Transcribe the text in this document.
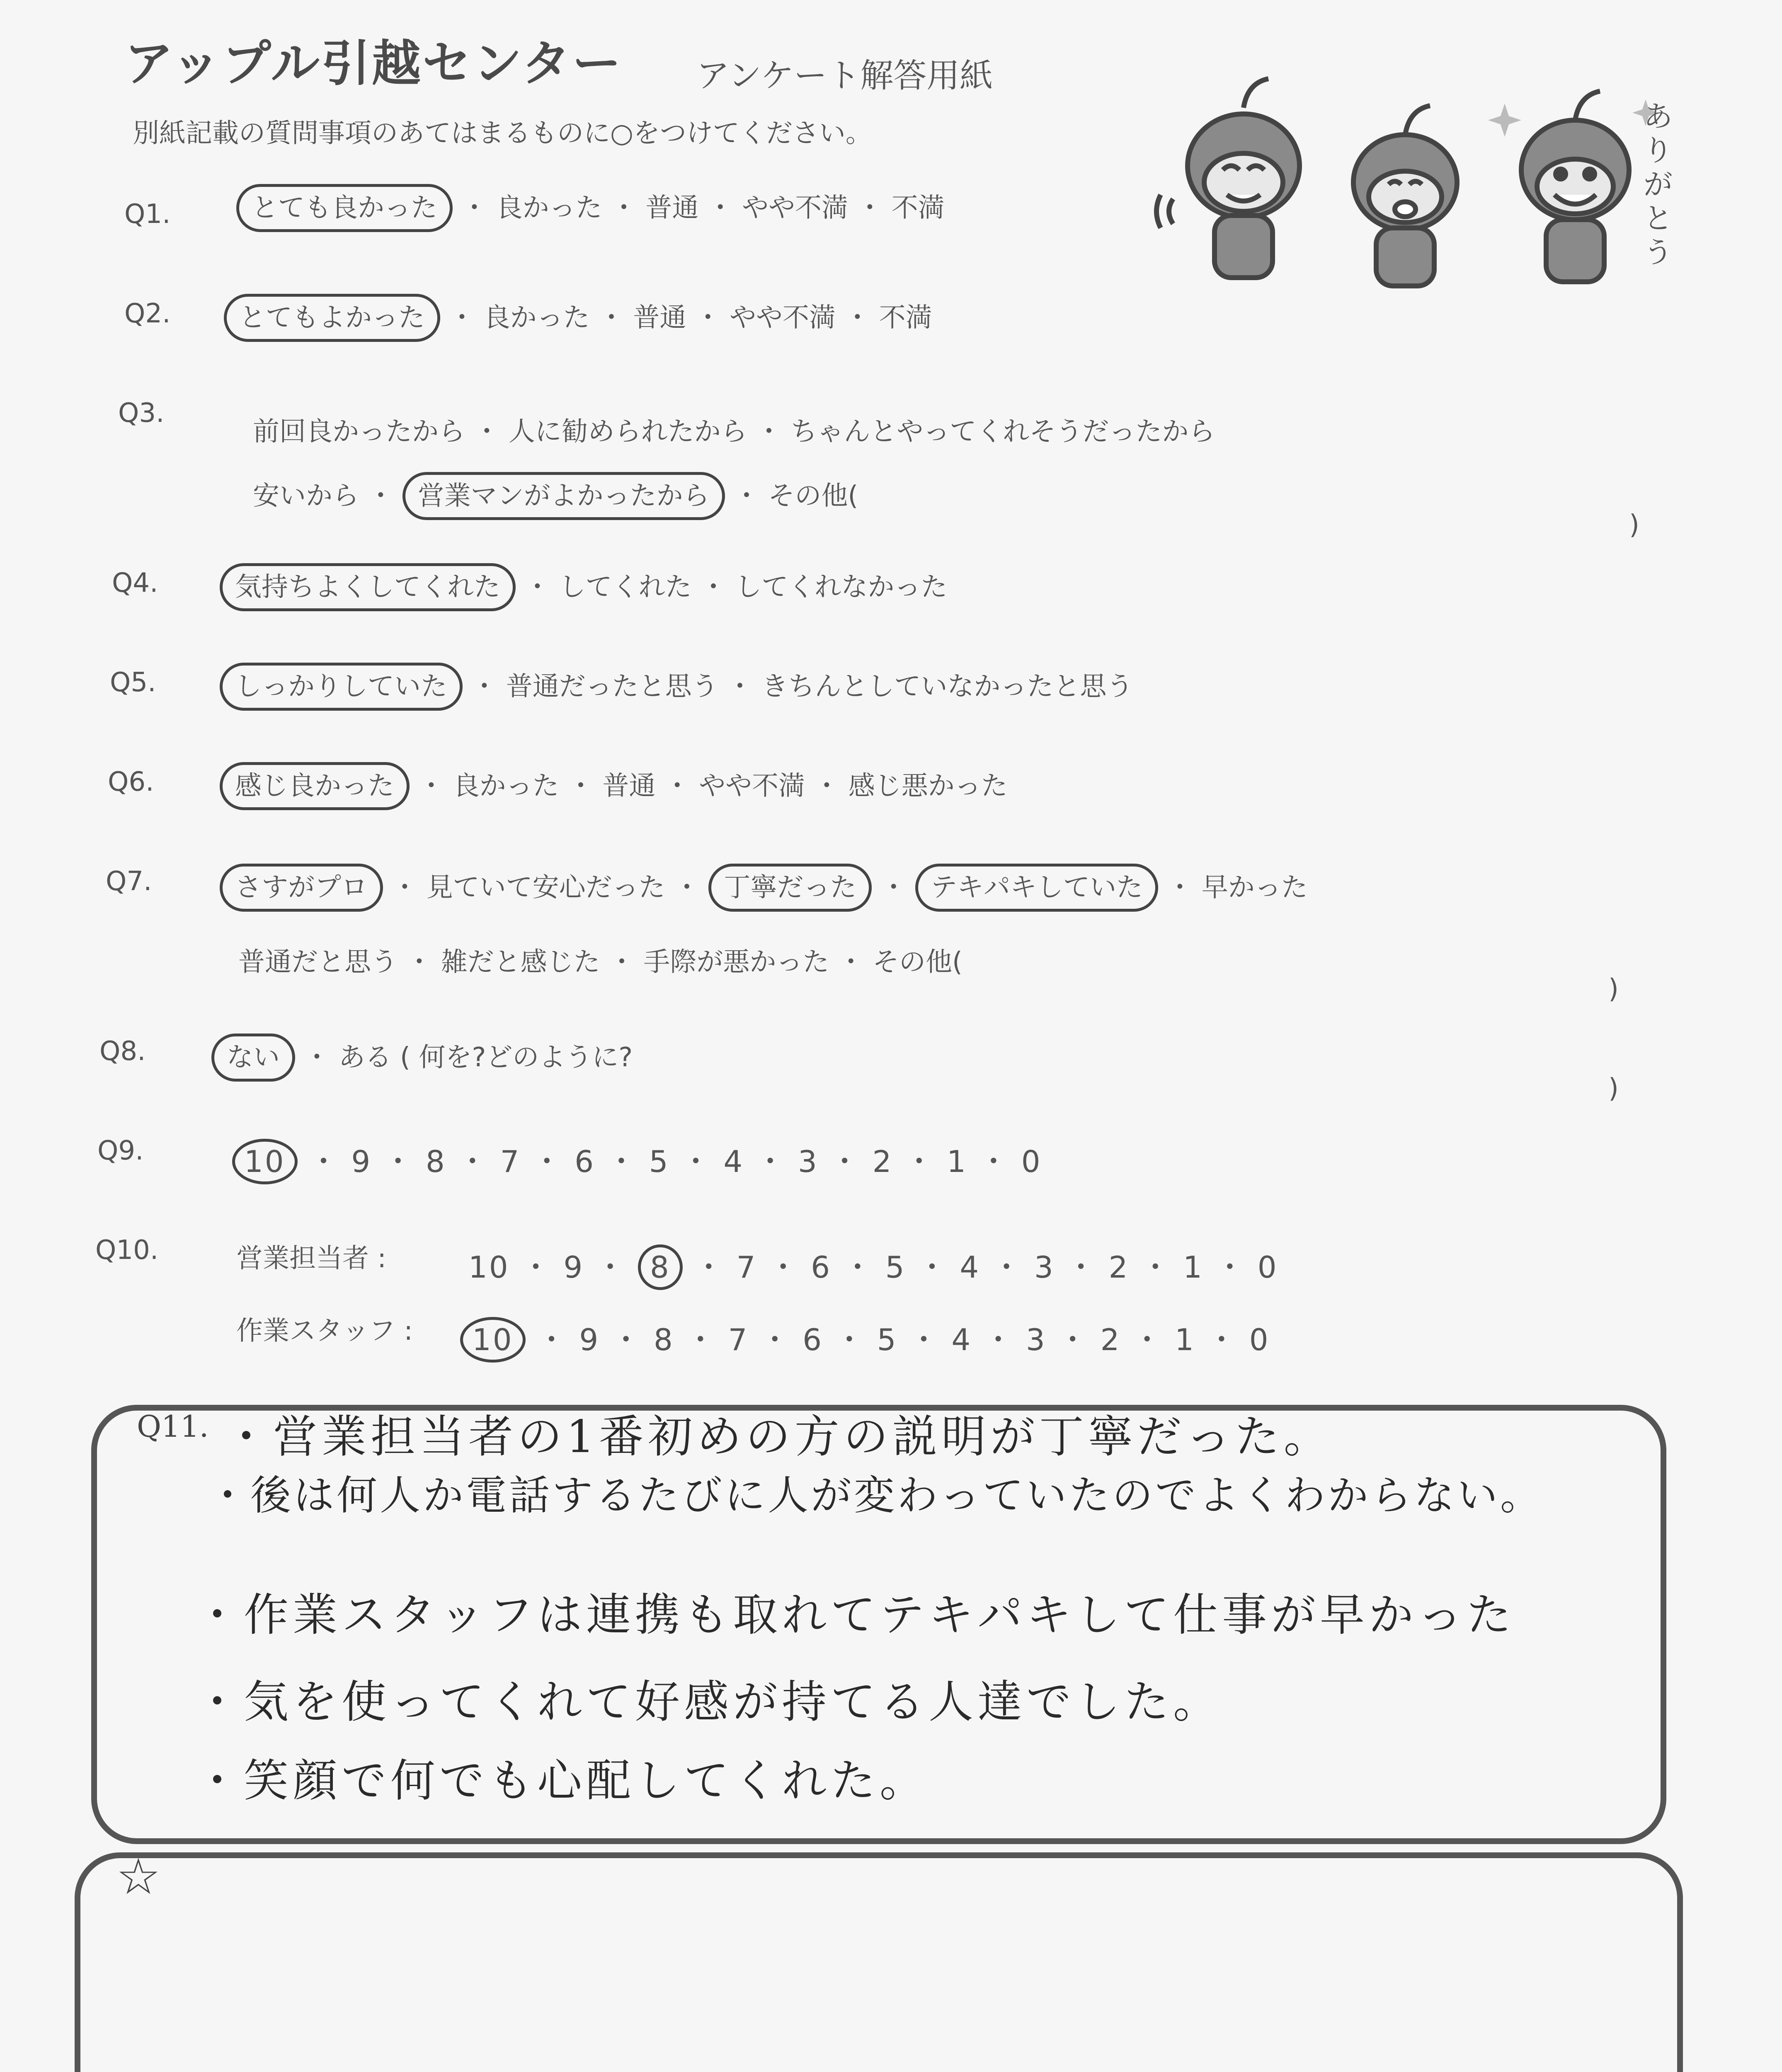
アップル引越センター アンケート解答用紙
別紙記載の質問事項のあてはまるものに○をつけてください。	ありがとう
Q1.	とても良かった ・ 良かった ・ 普通 ・ やや不満 ・ 不満
Q2.	とてもよかった ・ 良かった ・ 普通 ・ やや不満 ・ 不満
Q3.
前回良かったから ・ 人に勧められたから ・ ちゃんとやってくれそうだったから
安いから ・ 営業マンがよかったから ・ その他(
)
Q4.	気持ちよくしてくれた ・ してくれた ・ してくれなかった
Q5.	しっかりしていた ・ 普通だったと思う ・ きちんとしていなかったと思う
Q6.	感じ良かった ・ 良かった ・ 普通 ・ やや不満 ・ 感じ悪かった
Q7.	さすがプロ ・ 見ていて安心だった ・ 丁寧だった ・ テキパキしていた ・ 早かった
普通だと思う ・ 雑だと感じた ・ 手際が悪かった ・ その他(
)
Q8.	ない ・ ある ( 何を?どのように?
)
Q9.	10 ・ 9 ・ 8 ・ 7 ・ 6 ・ 5 ・ 4 ・ 3 ・ 2 ・ 1 ・ 0
Q10.	営業担当者 :	10 ・ 9 ・ 8 ・ 7 ・ 6 ・ 5 ・ 4 ・ 3 ・ 2 ・ 1 ・ 0
作業スタッフ :	10 ・ 9 ・ 8 ・ 7 ・ 6 ・ 5 ・ 4 ・ 3 ・ 2 ・ 1 ・ 0
Q11. ・営業担当者の1番初めの方の説明が丁寧だった。
・後は何人か電話するたびに人が変わっていたのでよくわからない。
・作業スタッフは連携も取れてテキパキして仕事が早かった
・気を使ってくれて好感が持てる人達でした。
・笑顔で何でも心配してくれた。
☆
